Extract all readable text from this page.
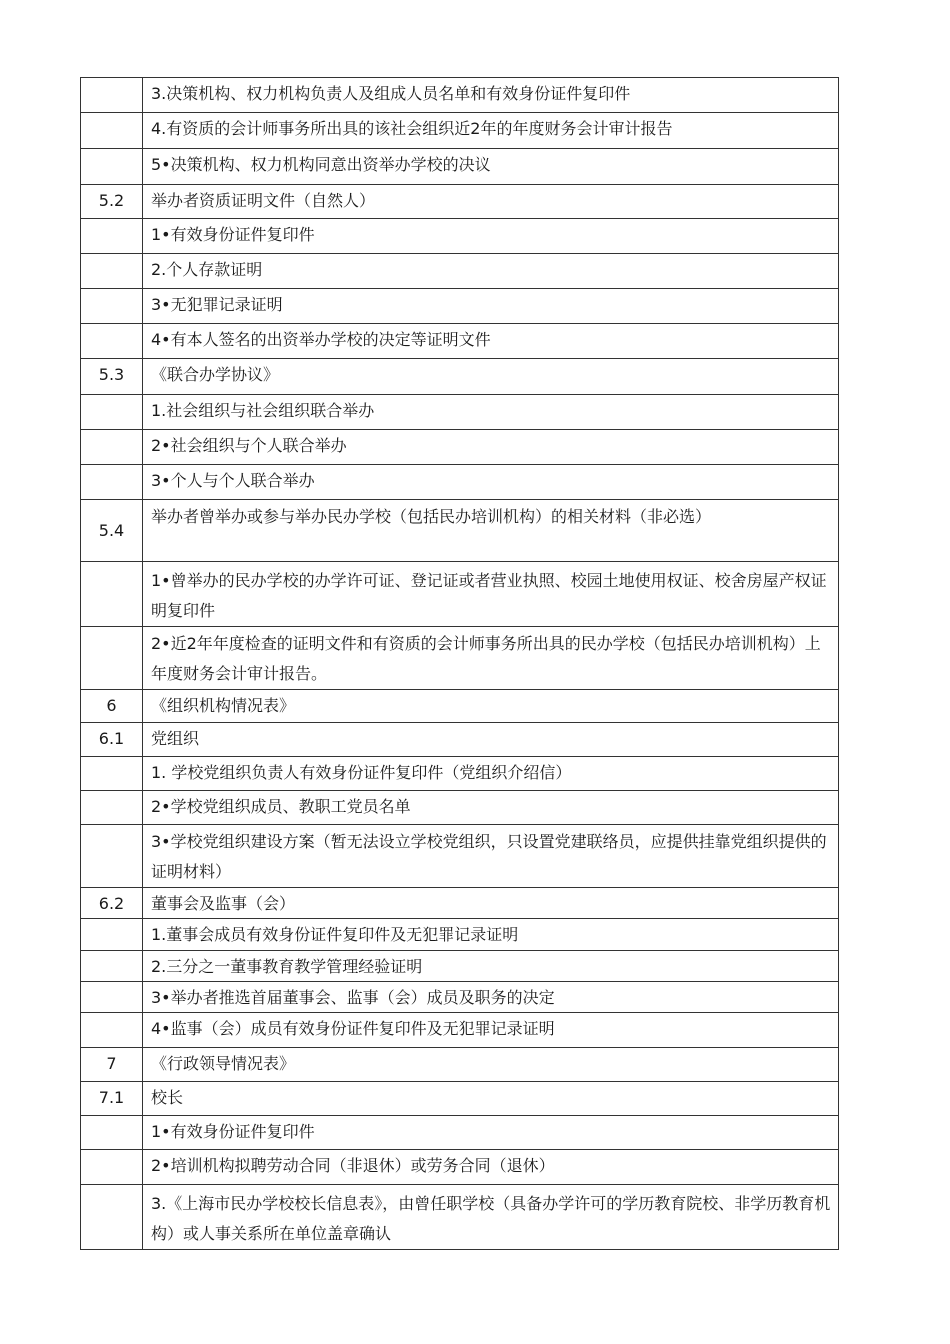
	3.决策机构、权力机构负责人及组成人员名单和有效身份证件复印件
	4.有资质的会计师事务所出具的该社会组织近2年的年度财务会计审计报告
	5•决策机构、权力机构同意出资举办学校的决议
5.2	举办者资质证明文件（自然人）
	1•有效身份证件复印件
	2.个人存款证明
	3•无犯罪记录证明
	4•有本人签名的出资举办学校的决定等证明文件
5.3	《联合办学协议》
	1.社会组织与社会组织联合举办
	2•社会组织与个人联合举办
	3•个人与个人联合举办
5.4	举办者曾举办或参与举办民办学校（包括民办培训机构）的相关材料（非必选）
	1•曾举办的民办学校的办学许可证、登记证或者营业执照、校园土地使用权证、校舍房屋产权证明复印件
	2•近2年年度检查的证明文件和有资质的会计师事务所出具的民办学校（包括民办培训机构）上年度财务会计审计报告。
6	《组织机构情况表》
6.1	党组织
	1. 学校党组织负责人有效身份证件复印件（党组织介绍信）
	2•学校党组织成员、教职工党员名单
	3•学校党组织建设方案（暂无法设立学校党组织，只设置党建联络员，应提供挂靠党组织提供的证明材料）
6.2	董事会及监事（会）
	1.董事会成员有效身份证件复印件及无犯罪记录证明
	2.三分之一董事教育教学管理经验证明
	3•举办者推选首届董事会、监事（会）成员及职务的决定
	4•监事（会）成员有效身份证件复印件及无犯罪记录证明
7	《行政领导情况表》
7.1	校长
	1•有效身份证件复印件
	2•培训机构拟聘劳动合同（非退休）或劳务合同（退休）
	3.《上海市民办学校校长信息表》，由曾任职学校（具备办学许可的学历教育院校、非学历教育机构）或人事关系所在单位盖章确认
